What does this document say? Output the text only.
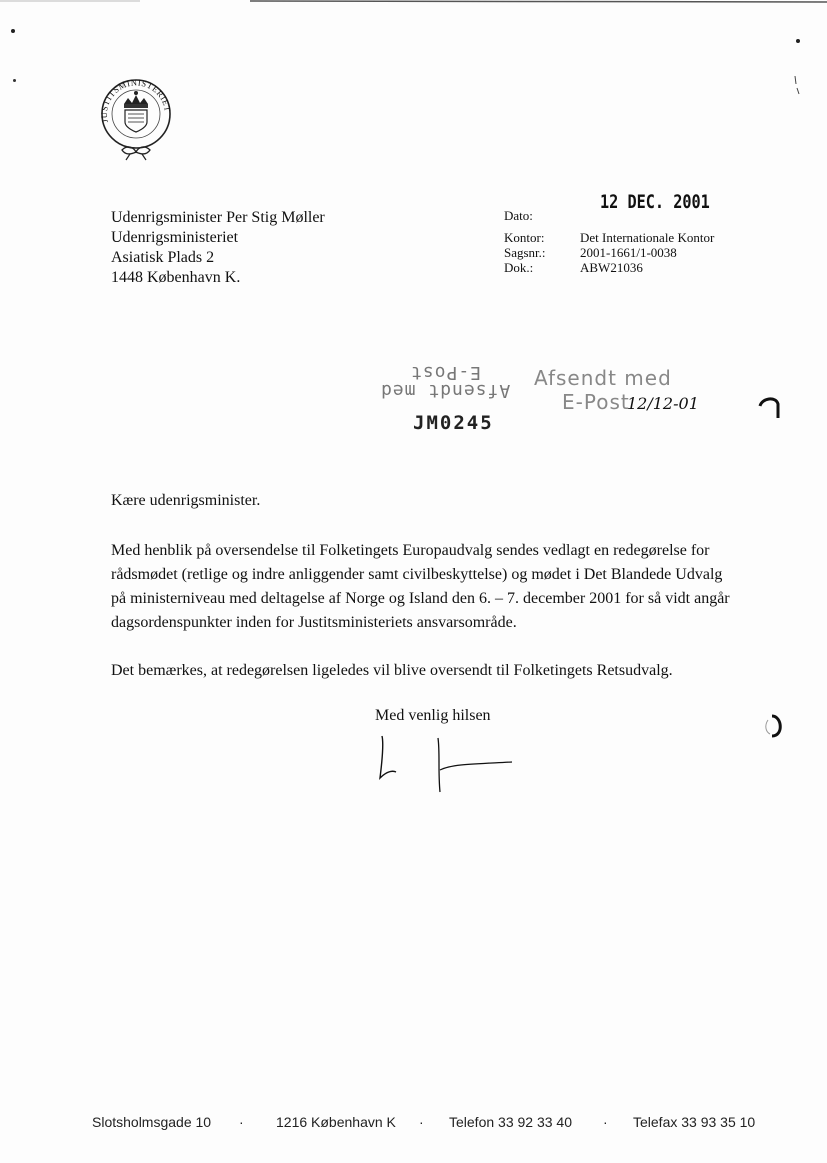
JUSTITSMINISTERIET
Udenrigsminister Per Stig Møller
Udenrigsministeriet
Asiatisk Plads 2
1448 København K.
12 DEC. 2001
Dato:
Kontor:	Det Internationale Kontor
Sagsnr.:	2001-1661/1-0038
Dok.:	ABW21036
E-Post
Afsendt med
JM0245
Afsendt med
E-Post
12/12-01
Kære udenrigsminister.
Med henblik på oversendelse til Folketingets Europaudvalg sendes vedlagt en redegørelse for
rådsmødet (retlige og indre anliggender samt civilbeskyttelse) og mødet i Det Blandede Udvalg
på ministerniveau med deltagelse af Norge og Island den 6. – 7. december 2001 for så vidt angår
dagsordenspunkter inden for Justitsministeriets ansvarsområde.
Det bemærkes, at redegørelsen ligeledes vil blive oversendt til Folketingets Retsudvalg.
Med venlig hilsen
Slotsholmsgade 10 · 1216 København K · Telefon 33 92 33 40 · Telefax 33 93 35 10
